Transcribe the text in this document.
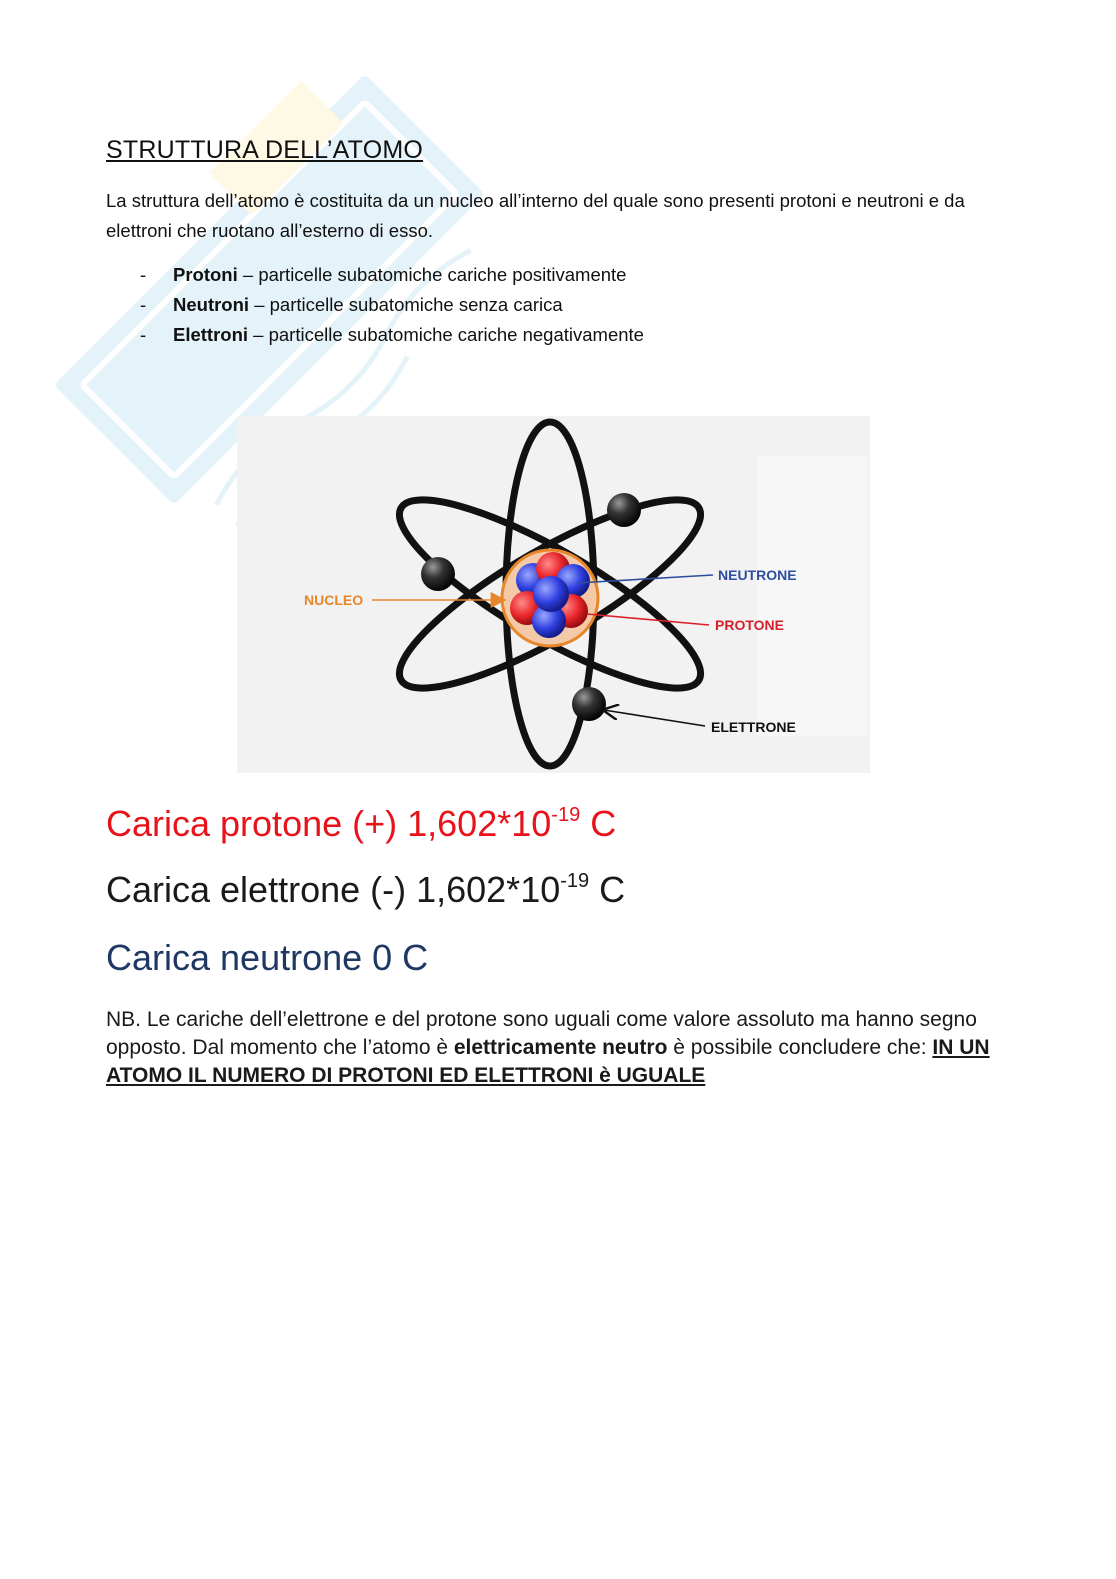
STRUTTURA DELL’ATOMO

La struttura dell’atomo è costituita da un nucleo all’interno del quale sono presenti protoni e neutroni e da elettroni che ruotano all’esterno di esso.

- Protoni – particelle subatomiche cariche positivamente
- Neutroni – particelle subatomiche senza carica
- Elettroni – particelle subatomiche cariche negativamente
NUCLEO
NEUTRONE
PROTONE
ELETTRONE

Carica protone (+) $1,602*10^{-19}$ C

Carica elettrone (-) $1,602*10^{-19}$ C

Carica neutrone 0 C

NB. Le cariche dell’elettrone e del protone sono uguali come valore assoluto ma hanno segno opposto. Dal momento che l’atomo è elettricamente neutro è possibile concludere che: IN UN ATOMO IL NUMERO DI PROTONI ED ELETTRONI è UGUALE
